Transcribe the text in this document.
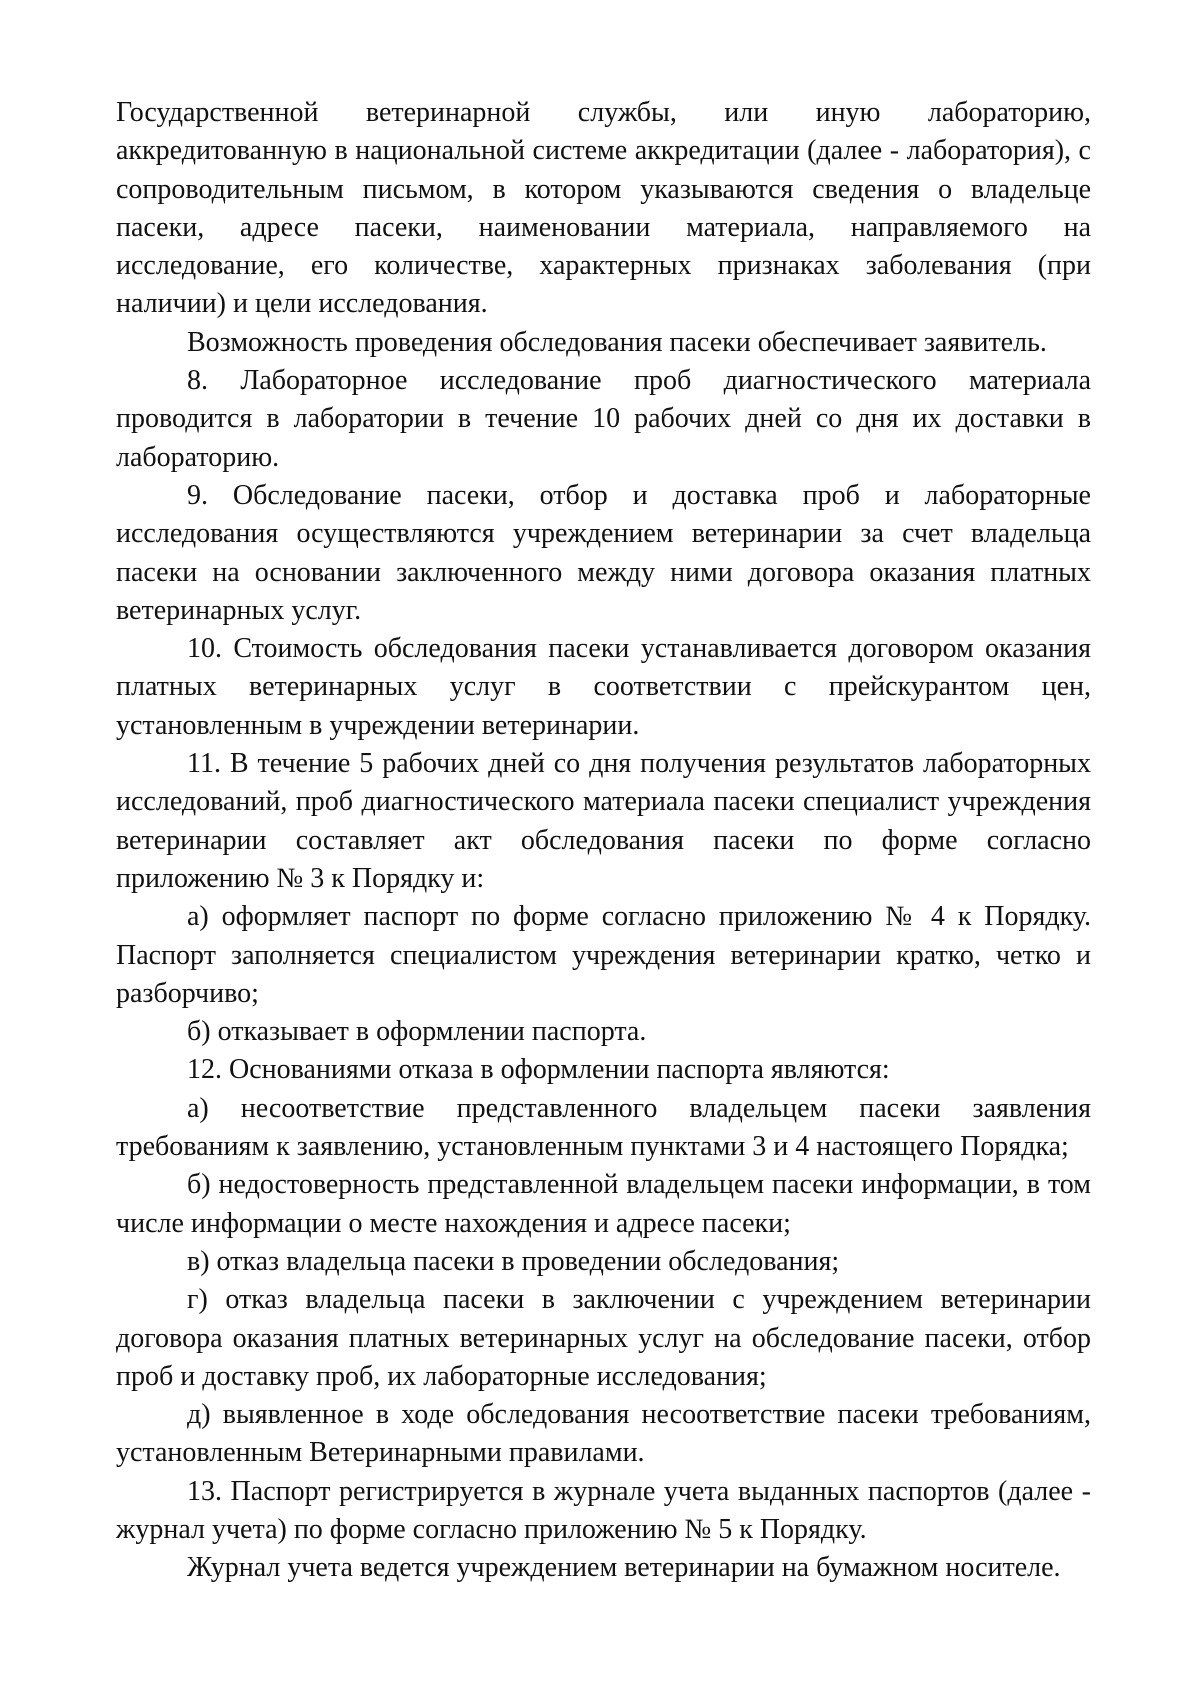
Государственной ветеринарной службы, или иную лабораторию, аккредитованную в национальной системе аккредитации (далее - лаборатория), с сопроводительным письмом, в котором указываются сведения о владельце пасеки, адресе пасеки, наименовании материала, направляемого на исследование, его количестве, характерных признаках заболевания (при наличии) и цели исследования.

Возможность проведения обследования пасеки обеспечивает заявитель.

8. Лабораторное исследование проб диагностического материала проводится в лаборатории в течение 10 рабочих дней со дня их доставки в лабораторию.

9. Обследование пасеки, отбор и доставка проб и лабораторные исследования осуществляются учреждением ветеринарии за счет владельца пасеки на основании заключенного между ними договора оказания платных ветеринарных услуг.

10. Стоимость обследования пасеки устанавливается договором оказания платных ветеринарных услуг в соответствии с прейскурантом цен, установленным в учреждении ветеринарии.

11. В течение 5 рабочих дней со дня получения результатов лабораторных исследований, проб диагностического материала пасеки специалист учреждения ветеринарии составляет акт обследования пасеки по форме согласно приложению № 3 к Порядку и:

а) оформляет паспорт по форме согласно приложению № 4 к Порядку. Паспорт заполняется специалистом учреждения ветеринарии кратко, четко и разборчиво;

б) отказывает в оформлении паспорта.

12. Основаниями отказа в оформлении паспорта являются:

а) несоответствие представленного владельцем пасеки заявления требованиям к заявлению, установленным пунктами 3 и 4 настоящего Порядка;

б) недостоверность представленной владельцем пасеки информации, в том числе информации о месте нахождения и адресе пасеки;

в) отказ владельца пасеки в проведении обследования;

г) отказ владельца пасеки в заключении с учреждением ветеринарии договора оказания платных ветеринарных услуг на обследование пасеки, отбор проб и доставку проб, их лабораторные исследования;

д) выявленное в ходе обследования несоответствие пасеки требованиям, установленным Ветеринарными правилами.

13. Паспорт регистрируется в журнале учета выданных паспортов (далее - журнал учета) по форме согласно приложению № 5 к Порядку.

Журнал учета ведется учреждением ветеринарии на бумажном носителе.
